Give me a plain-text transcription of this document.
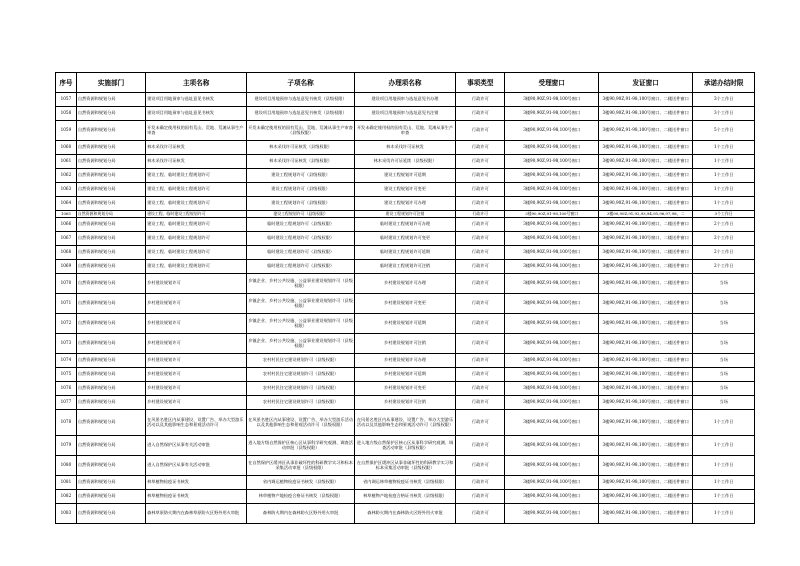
序号	实施部门	主项名称	子项名称	办理项名称	事项类型	受理窗口	发证窗口	承诺办结时限
1057	自然资源和规划分局	建设项目用地预审与选址意见书核发	建设项目用地预审与选址意见书核发（县级权限）	建设项目用地预审与选址意见书办理	行政许可	3楼90,90Z,91-98,100号窗口	3楼90,90Z,91-98,100号窗口、二楼送件窗口	3个工作日
1058	自然资源和规划分局	建设项目用地预审与选址意见书核发	建设项目用地预审与选址意见书核发（县级权限）	建设项目用地预审与选址意见书注销	行政许可	3楼90,90Z,91-98,100号窗口	3楼90,90Z,91-98,100号窗口、二楼送件窗口	3个工作日
1059	自然资源和规划分局	开发未确定使用权的国有荒山、荒地、荒滩从事生产审查	开发未确定使用权的国有荒山、荒地、荒滩从事生产审查（县级权限）	开发未确定使用权的国有荒山、荒地、荒滩从事生产审查	行政许可	3楼90,90Z,91-98,100号窗口	3楼90,90Z,91-98,100号窗口、二楼送件窗口	5个工作日
1060	自然资源和规划分局	林木采伐许可证核发	林木采伐许可证核发（县级权限）	林木采伐许可证核发	行政许可	3楼90,90Z,91-98,100号窗口	3楼90,90Z,91-98,100号窗口、二楼送件窗口	1个工作日
1061	自然资源和规划分局	林木采伐许可证核发	林木采伐许可证核发（县级权限）	林木采伐许可证延续（县级权限）	行政许可	3楼90,90Z,91-98,100号窗口	3楼90,90Z,91-98,100号窗口、二楼送件窗口	1个工作日
1062	自然资源和规划分局	建设工程、临时建设工程规划许可	建设工程规划许可（县级权限）	建设工程规划许可延期	行政许可	3楼90,90Z,91-98,100号窗口	3楼90,90Z,91-98,100号窗口、二楼送件窗口	1个工作日
1063	自然资源和规划分局	建设工程、临时建设工程规划许可	建设工程规划许可（县级权限）	建设工程规划许可变更	行政许可	3楼90,90Z,91-98,100号窗口	3楼90,90Z,91-98,100号窗口、二楼送件窗口	1个工作日
1064	自然资源和规划分局	建设工程、临时建设工程规划许可	建设工程规划许可（县级权限）	建设工程规划许可办理	行政许可	3楼90,90Z,91-98,100号窗口	3楼90,90Z,91-98,100号窗口、二楼送件窗口	1个工作日
1065	自然资源和规划分局	建设工程、临时建设工程规划许可	建设工程规划许可（县级权限）	建设工程规划许可注销	行政许可	3楼90,90Z,91-98,100号窗口	3楼90,90Z,91,92,93,94,95,96,97,98、二	3个工作日
1066	自然资源和规划分局	建设工程、临时建设工程规划许可	临时建设工程规划许可（县级权限）	临时建设工程规划许可办理	行政许可	3楼90,90Z,91-98,100号窗口	3楼90,90Z,91-98,100号窗口、二楼送件窗口	2个工作日
1067	自然资源和规划分局	建设工程、临时建设工程规划许可	临时建设工程规划许可（县级权限）	临时建设工程规划许可变更	行政许可	3楼90,90Z,91-98,100号窗口	3楼90,90Z,91-98,100号窗口、二楼送件窗口	2个工作日
1068	自然资源和规划分局	建设工程、临时建设工程规划许可	临时建设工程规划许可（县级权限）	临时建设工程规划许可延期	行政许可	3楼90,90Z,91-98,100号窗口	3楼90,90Z,91-98,100号窗口、二楼送件窗口	2个工作日
1069	自然资源和规划分局	建设工程、临时建设工程规划许可	临时建设工程规划许可（县级权限）	临时建设工程规划许可注销	行政许可	3楼90,90Z,91-98,100号窗口	3楼90,90Z,91-98,100号窗口、二楼送件窗口	2个工作日
1070	自然资源和规划分局	乡村建设规划许可	乡镇企业、乡村公共设施、公益事业建设规划许可（县级权限）	乡村建设规划许可办理	行政许可	3楼90,90Z,91-98,100号窗口	3楼90,90Z,91-98,100号窗口、二楼送件窗口	当场
1071	自然资源和规划分局	乡村建设规划许可	乡镇企业、乡村公共设施、公益事业建设规划许可（县级权限）	乡村建设规划许可变更	行政许可	3楼90,90Z,91-98,100号窗口	3楼90,90Z,91-98,100号窗口、二楼送件窗口	当场
1072	自然资源和规划分局	乡村建设规划许可	乡镇企业、乡村公共设施、公益事业建设规划许可（县级权限）	乡村建设规划许可延期	行政许可	3楼90,90Z,91-98,100号窗口	3楼90,90Z,91-98,100号窗口、二楼送件窗口	当场
1073	自然资源和规划分局	乡村建设规划许可	乡镇企业、乡村公共设施、公益事业建设规划许可（县级权限）	乡村建设规划许可注销	行政许可	3楼90,90Z,91-98,100号窗口	3楼90,90Z,91-98,100号窗口、二楼送件窗口	当场
1074	自然资源和规划分局	乡村建设规划许可	农村村民住宅建设规划许可（县级权限）	乡村建设规划许可办理	行政许可	3楼90,90Z,91-98,100号窗口	3楼90,90Z,91-98,100号窗口、二楼送件窗口	当场
1075	自然资源和规划分局	乡村建设规划许可	农村村民住宅建设规划许可（县级权限）	乡村建设规划许可延期	行政许可	3楼90,90Z,91-98,100号窗口	3楼90,90Z,91-98,100号窗口、二楼送件窗口	当场
1076	自然资源和规划分局	乡村建设规划许可	农村村民住宅建设规划许可（县级权限）	乡村建设规划许可变更	行政许可	3楼90,90Z,91-98,100号窗口	3楼90,90Z,91-98,100号窗口、二楼送件窗口	当场
1077	自然资源和规划分局	乡村建设规划许可	农村村民住宅建设规划许可（县级权限）	乡村建设规划许可注销	行政许可	3楼90,90Z,91-98,100号窗口	3楼90,90Z,91-98,100号窗口、二楼送件窗口	当场
1078	自然资源和规划分局	在风景名胜区内从事建设、设置广告、举办大型游乐活动以及其他影响生态和景观活动许可	在风景名胜区内从事建设、设置广告、举办大型游乐活动以及其他影响生态和景观活动许可（县级权限）	在风景名胜区内从事建设、设置广告、举办大型游乐活动以及其他影响生态和景观活动许可（县级权限）	行政许可	3楼90,90Z,91-98,100号窗口	3楼90,90Z,91-98,100号窗口、二楼送件窗口	1个工作日
1079	自然资源和规划分局	进入自然保护区从事有关活动审批	进入地方级自然保护区核心区从事科学研究观测、调查活动审批（县级权限）	进入地方级自然保护区核心区从事科学研究观测、调查活动审批（县级权限）	行政许可	3楼90,90Z,91-98,100号窗口	3楼90,90Z,91-98,100号窗口、二楼送件窗口	1个工作日
1080	自然资源和规划分局	进入自然保护区从事有关活动审批	在自然保护区缓冲区从事非破坏性的科研教学实习和标本采集活动审批（县级权限）	在自然保护区缓冲区从事非破坏性的科研教学实习和标本采集活动审批（县级权限）	行政许可	3楼90,90Z,91-98,100号窗口	3楼90,90Z,91-98,100号窗口、二楼送件窗口	1个工作日
1081	自然资源和规划分局	林草植物检疫证书核发	省内调运植物检疫证书核发（县级权限）	省内调运林草植物检疫证书核发（县级权限）	行政许可	3楼90,90Z,91-98,100号窗口	3楼90,90Z,91-98,100号窗口、二楼送件窗口	1个工作日
1082	自然资源和规划分局	林草植物检疫证书核发	林草植物产地检疫合格证书核发（县级权限）	林草植物产地检疫合格证书核发（县级权限）	行政许可	3楼90,90Z,91-98,100号窗口	3楼90,90Z,91-98,100号窗口、二楼送件窗口	1个工作日
1083	自然资源和规划分局	森林草原防火期内在森林草原防火区野外用火审批	森林防火期内在森林防火区野外用火审批	森林防火期内在森林防火区野外用火审批	行政许可	3楼90,90Z,91-98,100号窗口	3楼90,90Z,91-98,100号窗口、二楼送件窗口	1个工作日
